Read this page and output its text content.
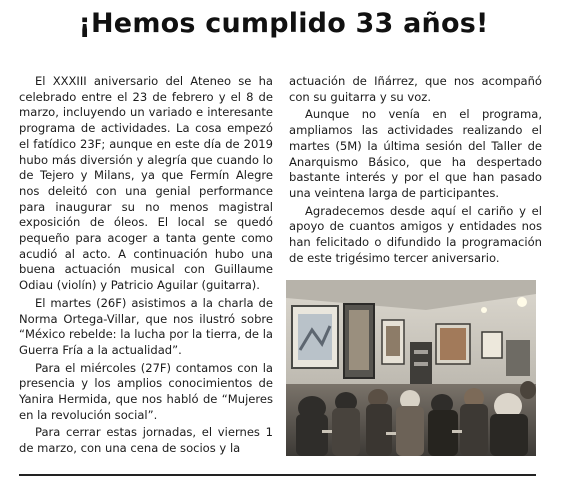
¡Hemos cumplido 33 años!

El XXXIII aniversario del Ateneo se ha celebrado entre el 23 de febrero y el 8 de marzo, incluyendo un variado e interesante programa de actividades. La cosa empezó el fatídico 23F; aunque en este día de 2019 hubo más diversión y alegría que cuando lo de Tejero y Milans, ya que Fermín Alegre nos deleitó con una genial performance para inaugurar su no menos magistral exposición de óleos. El local se quedó pequeño para acoger a tanta gente como acudió al acto. A continuación hubo una buena actuación musical con Guillaume Odiau (violín) y Patricio Aguilar (guitarra).

El martes (26F) asistimos a la charla de Norma Ortega-Villar, que nos ilustró sobre “México rebelde: la lucha por la tierra, de la Guerra Fría a la actualidad”.

Para el miércoles (27F) contamos con la presencia y los amplios conocimientos de Yanira Hermida, que nos habló de “Mujeres en la revolución social”.

Para cerrar estas jornadas, el viernes 1 de marzo, con una cena de socios y la

actuación de Iñárrez, que nos acompañó con su guitarra y su voz.

Aunque no venía en el programa, ampliamos las actividades realizando el martes (5M) la última sesión del Taller de Anarquismo Básico, que ha despertado bastante interés y por el que han pasado una veintena larga de participantes.

Agradecemos desde aquí el cariño y el apoyo de cuantos amigos y entidades nos han felicitado o difundido la programación de este trigésimo tercer aniversario.
